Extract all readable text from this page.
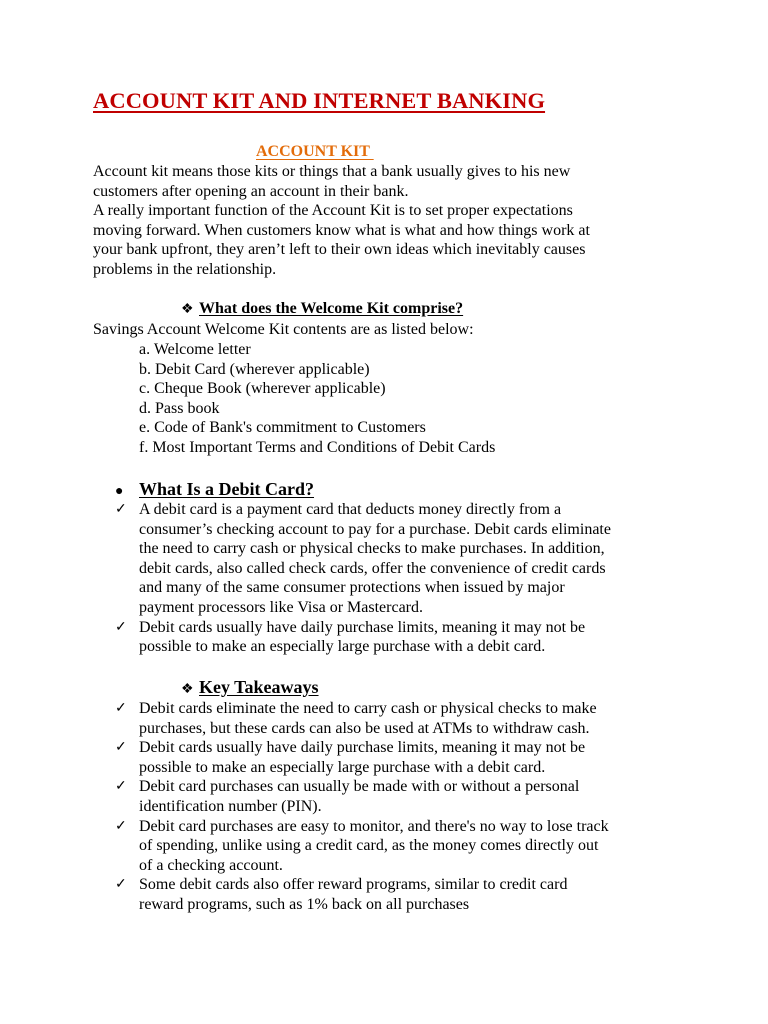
ACCOUNT KIT AND INTERNET BANKING
ACCOUNT KIT
Account kit means those kits or things that a bank usually gives to his new
customers after opening an account in their bank.
A really important function of the Account Kit is to set proper expectations
moving forward. When customers know what is what and how things work at
your bank upfront, they aren’t left to their own ideas which inevitably causes
problems in the relationship.
❖ What does the Welcome Kit comprise?

Savings Account Welcome Kit contents are as listed below:

a. Welcome letter
b. Debit Card (wherever applicable)
c. Cheque Book (wherever applicable)
d. Pass book
e. Code of Bank's commitment to Customers
f. Most Important Terms and Conditions of Debit Cards
● What Is a Debit Card?
✓ A debit card is a payment card that deducts money directly from a
consumer’s checking account to pay for a purchase. Debit cards eliminate
the need to carry cash or physical checks to make purchases. In addition,
debit cards, also called check cards, offer the convenience of credit cards
and many of the same consumer protections when issued by major
payment processors like Visa or Mastercard.
✓ Debit cards usually have daily purchase limits, meaning it may not be
possible to make an especially large purchase with a debit card.
❖ Key Takeaways
✓ Debit cards eliminate the need to carry cash or physical checks to make
purchases, but these cards can also be used at ATMs to withdraw cash.
✓ Debit cards usually have daily purchase limits, meaning it may not be
possible to make an especially large purchase with a debit card.
✓ Debit card purchases can usually be made with or without a personal
identification number (PIN).
✓ Debit card purchases are easy to monitor, and there's no way to lose track
of spending, unlike using a credit card, as the money comes directly out
of a checking account.
✓ Some debit cards also offer reward programs, similar to credit card
reward programs, such as 1% back on all purchases
